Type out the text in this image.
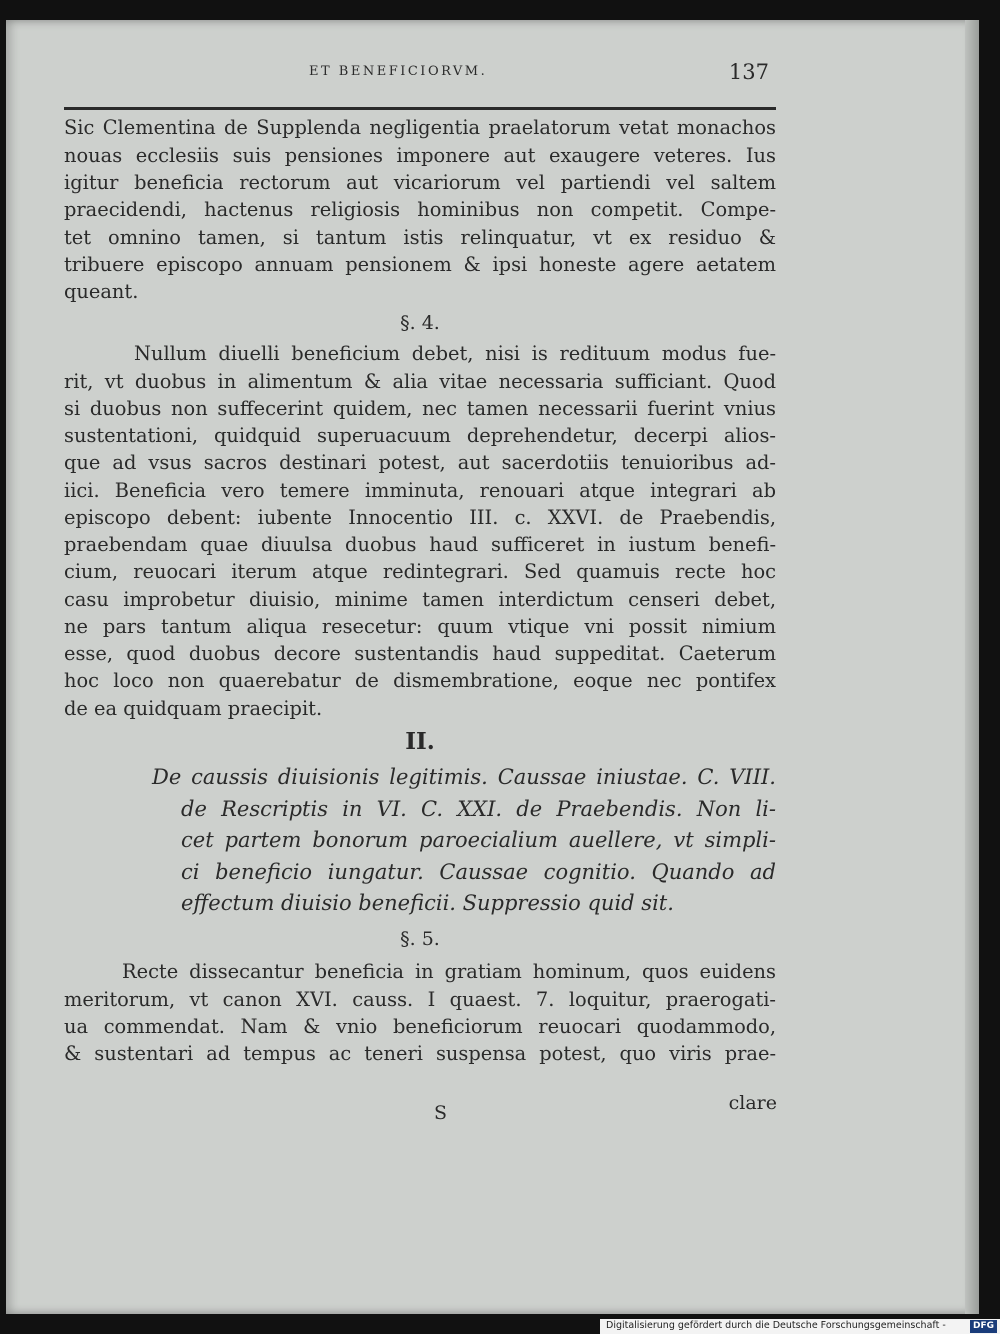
ET BENEFICIORVM.	137
Sic Clementina de Supplenda negligentia praelatorum vetat monachos
nouas ecclesiis suis pensiones imponere aut exaugere veteres. Ius
igitur beneficia rectorum aut vicariorum vel partiendi vel saltem
praecidendi, hactenus religiosis hominibus non competit. Compe-
tet omnino tamen, si tantum istis relinquatur, vt ex residuo &
tribuere episcopo annuam pensionem & ipsi honeste agere aetatem
queant.
§. 4.
Nullum diuelli beneficium debet, nisi is redituum modus fue-
rit, vt duobus in alimentum & alia vitae necessaria sufficiant. Quod
si duobus non suffecerint quidem, nec tamen necessarii fuerint vnius
sustentationi, quidquid superuacuum deprehendetur, decerpi alios-
que ad vsus sacros destinari potest, aut sacerdotiis tenuioribus ad-
iici. Beneficia vero temere imminuta, renouari atque integrari ab
episcopo debent: iubente Innocentio III. c. XXVI. de Praebendis,
praebendam quae diuulsa duobus haud sufficeret in iustum benefi-
cium, reuocari iterum atque redintegrari. Sed quamuis recte hoc
casu improbetur diuisio, minime tamen interdictum censeri debet,
ne pars tantum aliqua resecetur: quum vtique vni possit nimium
esse, quod duobus decore sustentandis haud suppeditat. Caeterum
hoc loco non quaerebatur de dismembratione, eoque nec pontifex
de ea quidquam praecipit.
II.
De caussis diuisionis legitimis. Caussae iniustae. C. VIII.
de Rescriptis in VI. C. XXI. de Praebendis. Non li-
cet partem bonorum paroecialium auellere, vt simpli-
ci beneficio iungatur. Caussae cognitio. Quando ad
effectum diuisio beneficii. Suppressio quid sit.
§. 5.
Recte dissecantur beneficia in gratiam hominum, quos euidens
meritorum, vt canon XVI. causs. I quaest. 7. loquitur, praerogati-
ua commendat. Nam & vnio beneficiorum reuocari quodammodo,
& sustentari ad tempus ac teneri suspensa potest, quo viris prae-
S	clare
Digitalisierung gefördert durch die Deutsche Forschungsgemeinschaft -	DFG
